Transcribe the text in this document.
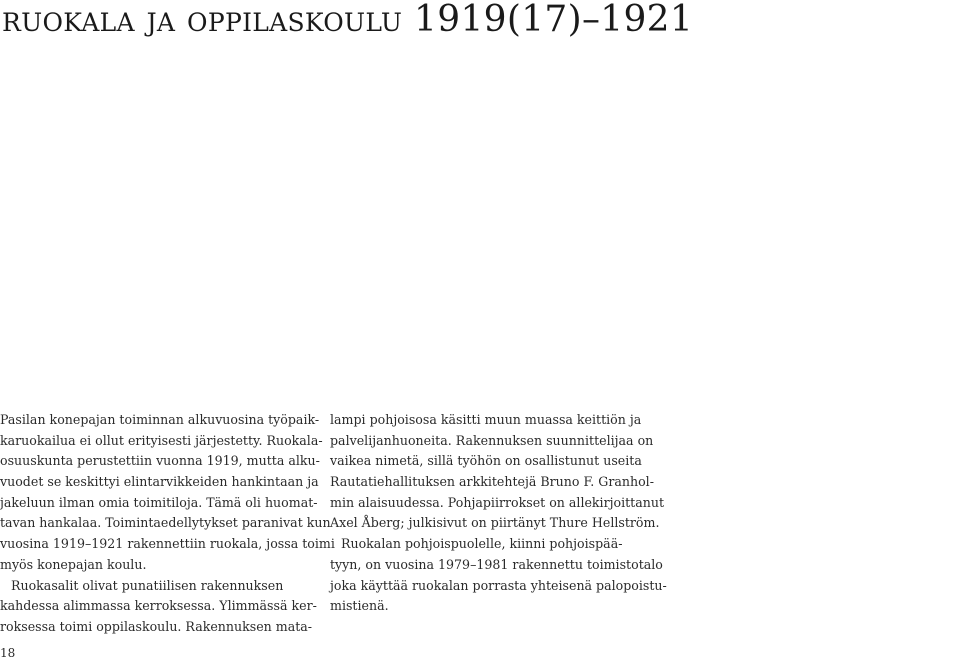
ruokala ja oppilaskoulu 1919(17)–1921
Pasilan konepajan toiminnan alkuvuosina työpaik-
karuokailua ei ollut erityisesti järjestetty. Ruokala-
osuuskunta perustettiin vuonna 1919, mutta alku-
vuodet se keskittyi elintarvikkeiden hankintaan ja
jakeluun ilman omia toimitiloja. Tämä oli huomat-
tavan hankalaa. Toimintaedellytykset paranivat kun
vuosina 1919–1921 rakennettiin ruokala, jossa toimi
myös konepajan koulu.
Ruokasalit olivat punatiilisen rakennuksen
kahdessa alimmassa kerroksessa. Ylimmässä ker-
roksessa toimi oppilaskoulu. Rakennuksen mata-
lampi pohjoisosa käsitti muun muassa keittiön ja
palvelijanhuoneita. Rakennuksen suunnittelijaa on
vaikea nimetä, sillä työhön on osallistunut useita
Rautatiehallituksen arkkitehtejä Bruno F. Granhol-
min alaisuudessa. Pohjapiirrokset on allekirjoittanut
Axel Åberg; julkisivut on piirtänyt Thure Hellström.
Ruokalan pohjoispuolelle, kiinni pohjoispää-
tyyn, on vuosina 1979–1981 rakennettu toimistotalo
joka käyttää ruokalan porrasta yhteisenä palopoistu-
mistienä.
18
